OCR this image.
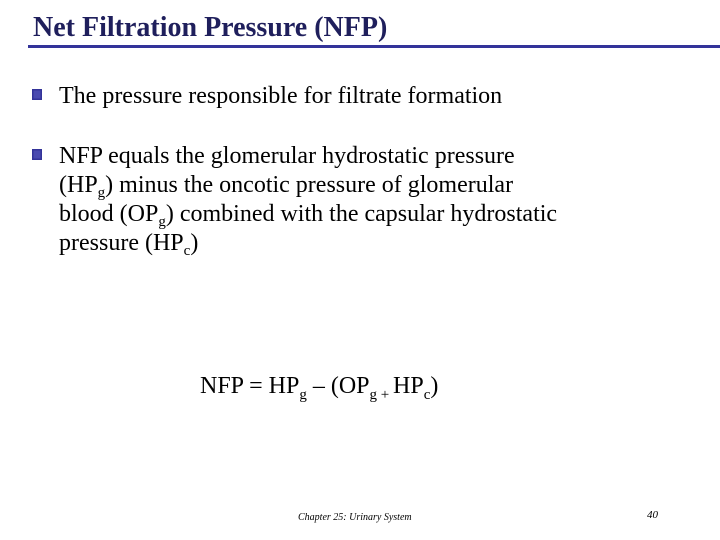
Net Filtration Pressure (NFP)
The pressure responsible for filtrate formation
NFP equals the glomerular hydrostatic pressure
$(HP_g)$ minus the oncotic pressure of glomerular
blood $(OP_g)$ combined with the capsular hydrostatic
pressure $(HP_c)$
NFP = $HP_g - (OP_{g +}$ $HP_c$)
Chapter 25: Urinary System	40
